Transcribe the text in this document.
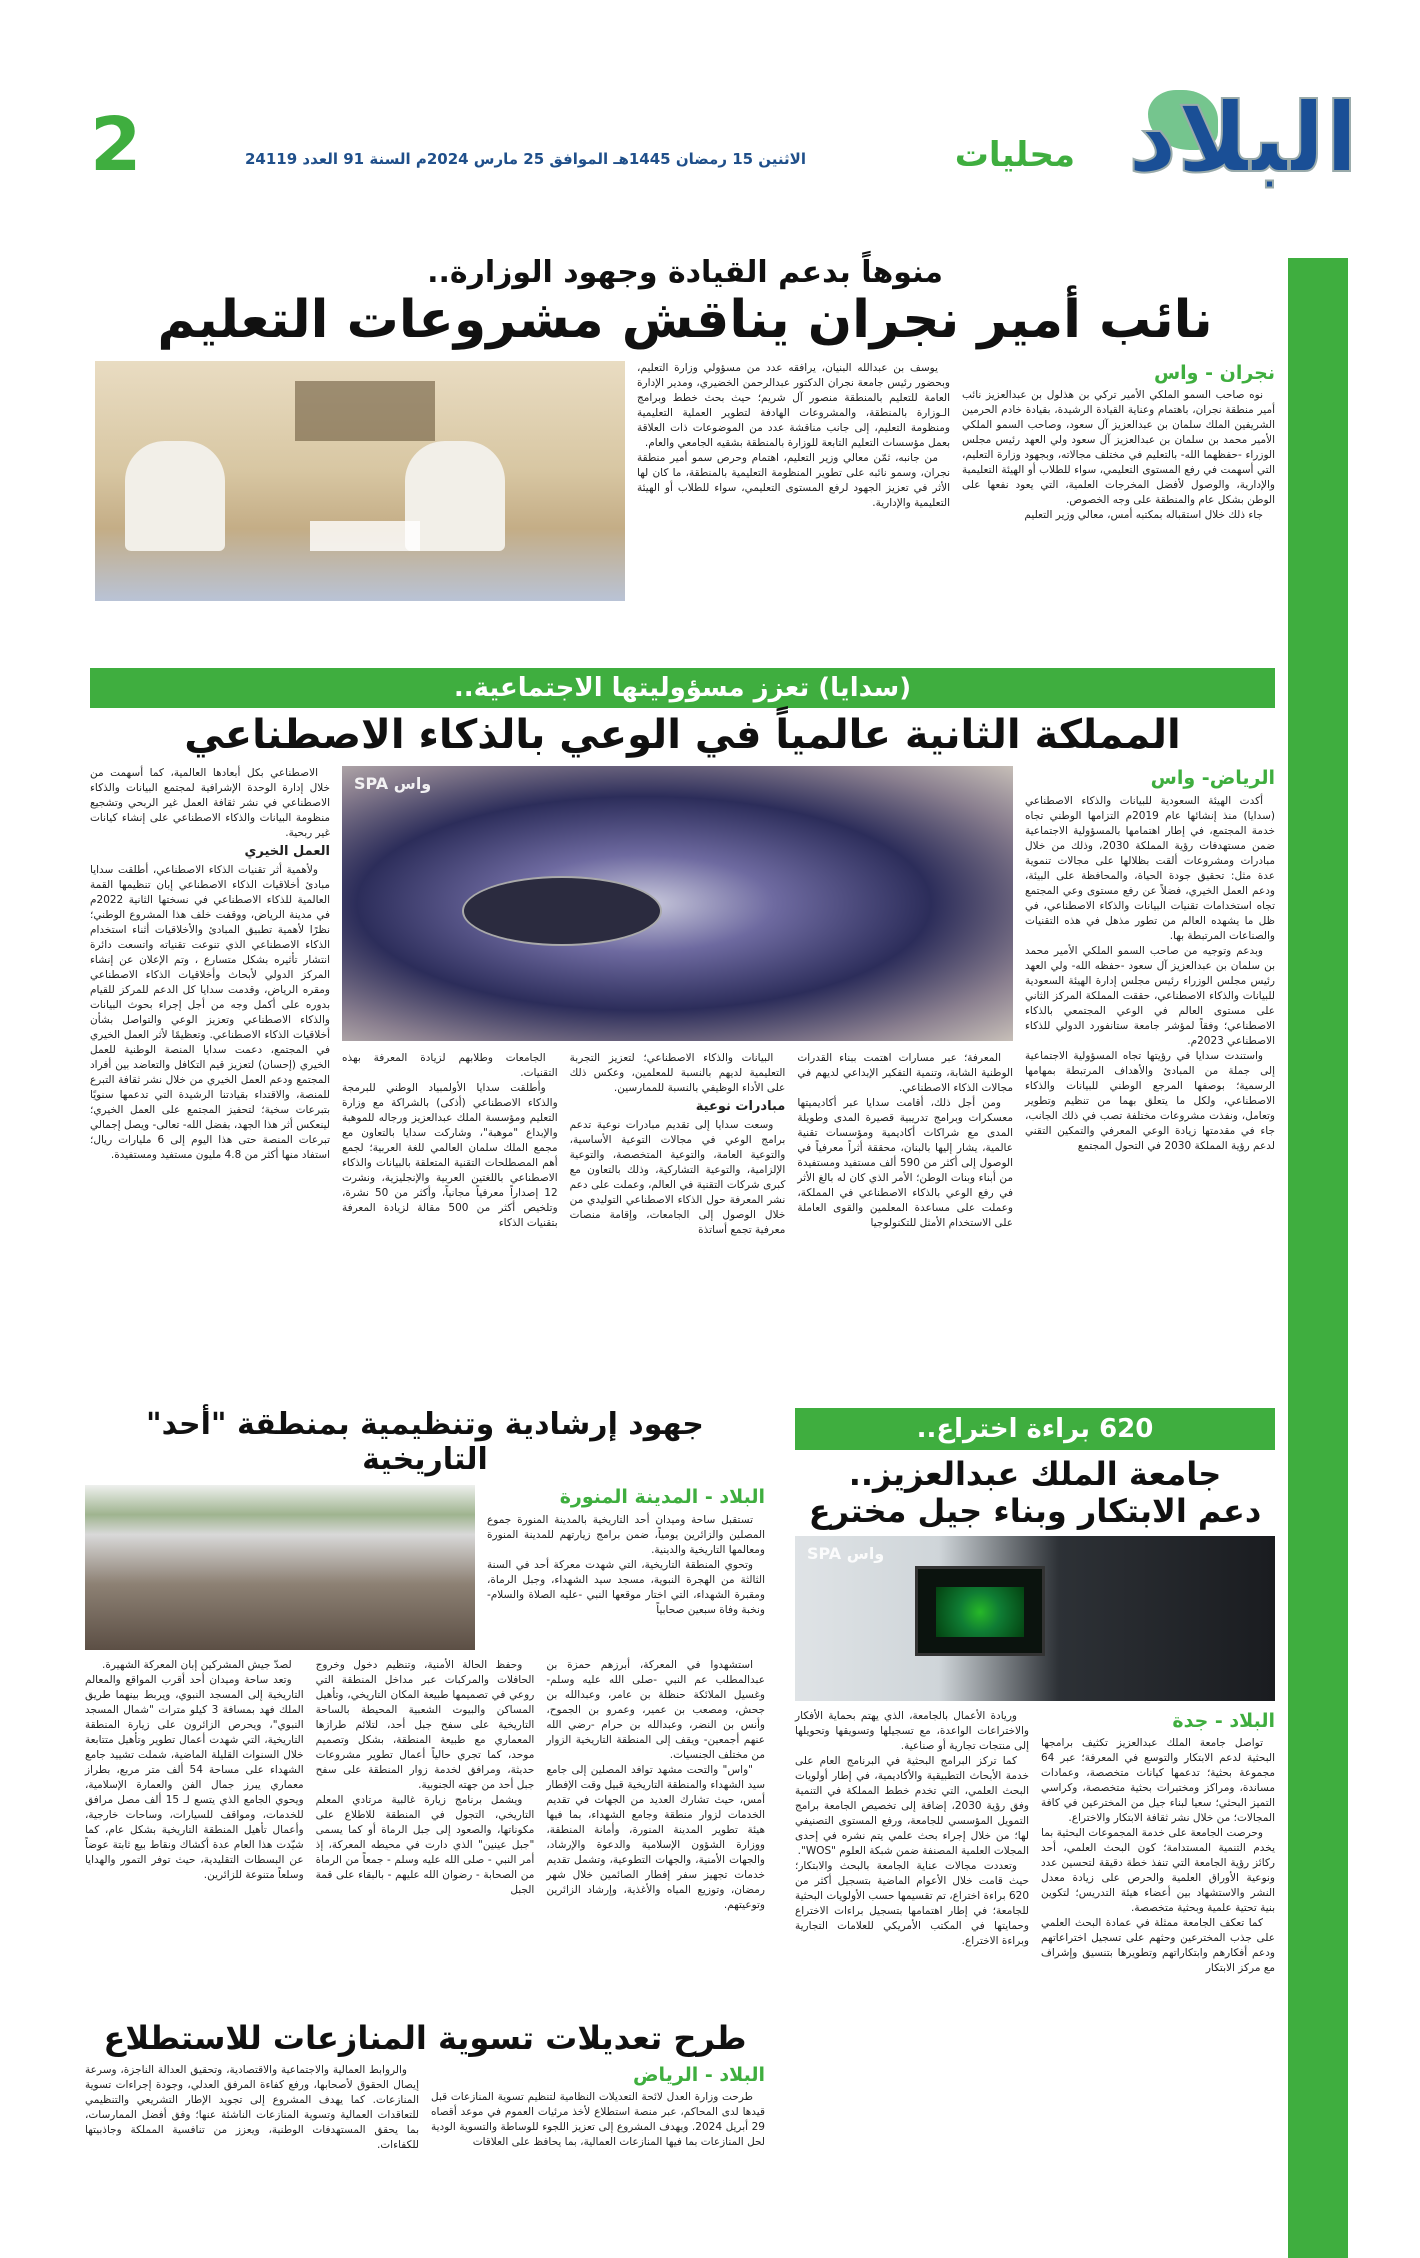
البلاد
محليات
الاثنين 15 رمضان 1445هـ الموافق 25 مارس 2024م السنة 91 العدد 24119
2
منوهاً بدعم القيادة وجهود الوزارة..
نائب أمير نجران يناقش مشروعات التعليم
نجران - واس

نوه صاحب السمو الملكي الأمير تركي بن هذلول بن عبدالعزيز نائب أمير منطقة نجران، باهتمام وعناية القيادة الرشيدة، بقيادة خادم الحرمين الشريفين الملك سلمان بن عبدالعزيز آل سعود، وصاحب السمو الملكي الأمير محمد بن سلمان بن عبدالعزيز آل سعود ولي العهد رئيس مجلس الوزراء -حفظهما الله- بالتعليم في مختلف مجالاته، وبجهود وزارة التعليم، التي أسهمت في رفع المستوى التعليمي، سواء للطلاب أو الهيئة التعليمية والإدارية، والوصول لأفضل المخرجات العلمية، التي يعود نفعها على الوطن بشكل عام والمنطقة على وجه الخصوص.

جاء ذلك خلال استقباله بمكتبه أمس، معالي وزير التعليم

يوسف بن عبدالله البنيان، يرافقه عدد من مسؤولي وزارة التعليم، وبحضور رئيس جامعة نجران الدكتور عبدالرحمن الخضيري، ومدير الإدارة العامة للتعليم بالمنطقة منصور آل شريم؛ حيث بحث خطط وبرامج الـوزارة بالمنطقة، والمشروعات الهادفة لتطوير العملية التعليمية ومنظومة التعليم، إلى جانب مناقشة عدد من الموضوعات ذات العلاقة بعمل مؤسسات التعليم التابعة للوزارة بالمنطقة بشقيه الجامعي والعام.

من جانبه، ثمّن معالي وزير التعليم، اهتمام وحرص سمو أمير منطقة نجران، وسمو نائبه على تطوير المنظومة التعليمية بالمنطقة، ما كان لها الأثر في تعزيز الجهود لرفع المستوى التعليمي، سواء للطلاب أو الهيئة التعليمية والإدارية.

(سدايا) تعزز مسؤوليتها الاجتماعية..
المملكة الثانية عالمياً في الوعي بالذكاء الاصطناعي
الرياض- واس

أكدت الهيئة السعودية للبيانات والذكاء الاصطناعي (سدايا) منذ إنشائها عام 2019م التزامها الوطني تجاه خدمة المجتمع، في إطار اهتمامها بالمسؤولية الاجتماعية ضمن مستهدفات رؤية المملكة 2030، وذلك من خلال مبادرات ومشروعات ألقت بظلالها على مجالات تنموية عدة مثل: تحقيق جودة الحياة، والمحافظة على البيئة، ودعم العمل الخيري، فضلاً عن رفع مستوى وعي المجتمع تجاه استخدامات تقنيات البيانات والذكاء الاصطناعي، في ظل ما يشهده العالم من تطور مذهل في هذه التقنيات والصناعات المرتبطة بها.

وبدعم وتوجيه من صاحب السمو الملكي الأمير محمد بن سلمان بن عبدالعزيز آل سعود -حفظه الله- ولي العهد رئيس مجلس الوزراء رئيس مجلس إدارة الهيئة السعودية للبيانات والذكاء الاصطناعي، حققت المملكة المركز الثاني على مستوى العالم في الوعي المجتمعي بالذكاء الاصطناعي؛ وفقاً لمؤشر جامعة ستانفورد الدولي للذكاء الاصطناعي 2023م.

واستندت سدايا في رؤيتها تجاه المسؤولية الاجتماعية إلى جملة من المبادئ والأهداف المرتبطة بمهامها الرسمية؛ بوصفها المرجع الوطني للبيانات والذكاء الاصطناعي، ولكل ما يتعلق بهما من تنظيم وتطوير وتعامل، ونفذت مشروعات مختلفة تصب في ذلك الجانب، جاء في مقدمتها زيادة الوعي المعرفي والتمكين التقني لدعم رؤية المملكة 2030 في التحول المجتمع

واس SPA

المعرفة؛ عبر مسارات اهتمت ببناء القدرات الوطنية الشابة، وتنمية التفكير الإبداعي لديهم في مجالات الذكاء الاصطناعي.

ومن أجل ذلك، أقامت سدايا عبر أكاديميتها معسكرات وبرامج تدريبية قصيرة المدى وطويلة المدى مع شراكات أكاديمية ومؤسسات تقنية عالمية، يشار إليها بالبنان، محققة أثراً معرفياً في الوصول إلى أكثر من 590 ألف مستفيد ومستفيدة من أبناء وبنات الوطن؛ الأمر الذي كان له بالغ الأثر في رفع الوعي بالذكاء الاصطناعي في المملكة، وعملت على مساعدة المعلمين والقوى العاملة على الاستخدام الأمثل للتكنولوجيا

البيانات والذكاء الاصطناعي؛ لتعزيز التجربة التعليمية لديهم بالنسبة للمعلمين، وعكس ذلك على الأداء الوظيفي بالنسبة للممارسين.

مبادرات نوعية

وسعت سدايا إلى تقديم مبادرات نوعية تدعم برامج الوعي في مجالات التوعية الأساسية، والتوعية العامة، والتوعية المتخصصة، والتوعية الإلزامية، والتوعية التشاركية، وذلك بالتعاون مع كبرى شركات التقنية في العالم، وعملت على دعم نشر المعرفة حول الذكاء الاصطناعي التوليدي من خلال الوصول إلى الجامعات، وإقامة منصات معرفية تجمع أساتذة

الجامعات وطلابهم لزيادة المعرفة بهذه التقنيات.

وأطلقت سدايا الأولمبياد الوطني للبرمجة والذكاء الاصطناعي (أذكى) بالشراكة مع وزارة التعليم ومؤسسة الملك عبدالعزيز ورجاله للموهبة والإبداع "موهبة"، وشاركت سدايا بالتعاون مع مجمع الملك سلمان العالمي للغة العربية؛ لجمع أهم المصطلحات التقنية المتعلقة بالبيانات والذكاء الاصطناعي باللغتين العربية والإنجليزية، ونشرت 12 إصداراً معرفياً مجانياً، وأكثر من 50 نشرة، وتلخيص أكثر من 500 مقالة لزيادة المعرفة بتقنيات الذكاء

الاصطناعي بكل أبعادها العالمية، كما أسهمت من خلال إدارة الوحدة الإشرافية لمجتمع البيانات والذكاء الاصطناعي في نشر ثقافة العمل غير الربحي وتشجيع منظومة البيانات والذكاء الاصطناعي على إنشاء كيانات غير ربحية.

العمل الخيري

ولأهمية أثر تقنيات الذكاء الاصطناعي، أطلقت سدايا مبادئ أخلاقيات الذكاء الاصطناعي إبان تنظيمها القمة العالمية للذكاء الاصطناعي في نسختها الثانية 2022م في مدينة الرياض، ووقفت خلف هذا المشروع الوطني؛ نظرًا لأهمية تطبيق المبادئ والأخلاقيات أثناء استخدام الذكاء الاصطناعي الذي تنوعت تقنياته واتسعت دائرة انتشار تأثيره بشكل متسارع ، وتم الإعلان عن إنشاء المركز الدولي لأبحاث وأخلاقيات الذكاء الاصطناعي ومقره الرياض، وقدمت سدايا كل الدعم للمركز للقيام بدوره على أكمل وجه من أجل إجراء بحوث البيانات والذكاء الاصطناعي وتعزيز الوعي والتواصل بشأن أخلاقيات الذكاء الاصطناعي. وتعظيمًا لأثر العمل الخيري في المجتمع، دعمت سدايا المنصة الوطنية للعمل الخيري (إحسان) لتعزيز قيم التكافل والتعاضد بين أفراد المجتمع ودعم العمل الخيري من خلال نشر ثقافة التبرع للمنصة، والاقتداء بقيادتنا الرشيدة التي تدعمها سنويًا بتبرعات سخية؛ لتحفيز المجتمع على العمل الخيري؛ لينعكس أثر هذا الجهد، بفضل الله- تعالى- ويصل إجمالي تبرعات المنصة حتى هذا اليوم إلى 6 مليارات ريال؛ استفاد منها أكثر من 4.8 مليون مستفيد ومستفيدة.

جهود إرشادية وتنظيمية بمنطقة "أحد" التاريخية
البلاد - المدينة المنورة

تستقبل ساحة وميدان أحد التاريخية بالمدينة المنورة جموع المصلين والزائرين يومياً، ضمن برامج زيارتهم للمدينة المنورة ومعالمها التاريخية والدينية.

وتحوي المنطقة التاريخية، التي شهدت معركة أحد في السنة الثالثة من الهجرة النبوية، مسجد سيد الشهداء، وجبل الرماة، ومقبرة الشهداء، التي اختار موقعها النبي -عليه الصلاة والسلام- ونخبة وفاة سبعين صحابياً

استشهدوا في المعركة، أبرزهم حمزة بن عبدالمطلب عم النبي -صلى الله عليه وسلم- وغسيل الملائكة حنظلة بن عامر، وعبدالله بن جحش، ومصعب بن عمير، وعمرو بن الجموح، وأنس بن النضر، وعبدالله بن حرام -رضي الله عنهم أجمعين- ويقف إلى المنطقة التاريخية الزوار من مختلف الجنسيات.

"واس" والتحت مشهد توافد المصلين إلى جامع سيد الشهداء والمنطقة التاريخية قبيل وقت الإفطار أمس، حيث تشارك العديد من الجهات في تقديم الخدمات لزوار منطقة وجامع الشهداء، بما فيها هيئة تطوير المدينة المنورة، وأمانة المنطقة، ووزارة الشؤون الإسلامية والدعوة والإرشاد، والجهات الأمنية، والجهات التطوعية، وتشمل تقديم خدمات تجهيز سفر إفطار الصائمين خلال شهر رمضان، وتوزيع المياه والأغذية، وإرشاد الزائرين وتوعيتهم.

وحفظ الحالة الأمنية، وتنظيم دخول وخروج الحافلات والمركبات عبر مداخل المنطقة التي روعي في تصميمها طبيعة المكان التاريخي، وتأهيل المساكن والبيوت الشعبية المحيطة بالساحة التاريخية على سفح جبل أحد، لتلائم طرازها المعماري مع طبيعة المنطقة، بشكل وتصميم موحد، كما تجري حالياً أعمال تطوير مشروعات حديثة، ومرافق لخدمة زوار المنطقة على سفح جبل أحد من جهته الجنوبية.

ويشمل برنامج زيارة غالبية مرتادي المعلم التاريخي، التجول في المنطقة للاطلاع على مكوناتها، والصعود إلى جبل الرماة أو كما يسمى "جبل عينين" الذي دارت في محيطه المعركة، إذ أمر النبي - صلى الله عليه وسلم - جمعاً من الرماة من الصحابة - رضوان الله عليهم - بالبقاء على قمة الجبل

لصدّ جيش المشركين إبان المعركة الشهيرة.

وتعد ساحة وميدان أحد أقرب المواقع والمعالم التاريخية إلى المسجد النبوي، ويربط بينهما طريق الملك فهد بمسافة 3 كيلو مترات "شمال المسجد النبوي"، ويحرص الزائرون على زيارة المنطقة التاريخية، التي شهدت أعمال تطوير وتأهيل متتابعة خلال السنوات القليلة الماضية، شملت تشييد جامع الشهداء على مساحة 54 ألف متر مربع، بطراز معماري يبرز جمال الفن والعمارة الإسلامية، ويحوي الجامع الذي يتسع لـ 15 ألف مصل مرافق للخدمات، ومواقف للسيارات، وساحات خارجية، وأعمال تأهيل المنطقة التاريخية بشكل عام، كما شيّدت هذا العام عدة أكشاك ونقاط بيع ثابتة عوضاً عن البسطات التقليدية، حيث توفر التمور والهدايا وسلعاً متنوعة للزائرين.

620 براءة اختراع..
جامعة الملك عبدالعزيز..
دعم الابتكار وبناء جيل مخترع
واس SPA
البلاد - جدة

تواصل جامعة الملك عبدالعزيز تكثيف برامجها البحثية لدعم الابتكار والتوسع في المعرفة؛ عبر 64 مجموعة بحثية؛ تدعمها كيانات متخصصة، وعمادات مساندة، ومراكز ومختبرات بحثية متخصصة، وكراسي التميز البحثي؛ سعيا لبناء جيل من المخترعين في كافة المجالات؛ من خلال نشر ثقافة الابتكار والاختراع.

وحرصت الجامعة على خدمة المجموعات البحثية بما يخدم التنمية المستدامة؛ كون البحث العلمي، أحد ركائز رؤية الجامعة التي تنفذ خطة دقيقة لتحسين عدد ونوعية الأوراق العلمية والحرص على زيادة معدل النشر والاستشهاد بين أعضاء هيئة التدريس؛ لتكوين بنية تحتية علمية وبحثية متخصصة.

كما تعكف الجامعة ممثلة في عمادة البحث العلمي على جذب المخترعين وحثهم على تسجيل اختراعاتهم ودعم أفكارهم وابتكاراتهم وتطويرها بتنسيق وإشراف مع مركز الابتكار

وريادة الأعمال بالجامعة، الذي يهتم بحماية الأفكار والاختراعات الواعدة، مع تسجيلها وتسويقها وتحويلها إلى منتجات تجارية أو صناعية.

كما تركز البرامج البحثية في البرنامج العام على خدمة الأبحاث التطبيقية والأكاديمية، في إطار أولويات البحث العلمي، التي تخدم خطط المملكة في التنمية وفق رؤية 2030، إضافة إلى تخصيص الجامعة برامج التمويل المؤسسي للجامعة، ورفع المستوى التصنيفي لها؛ من خلال إجراء بحث علمي يتم نشره في إحدى المجلات العلمية المصنفة ضمن شبكة العلوم "WOS".

وتعددت مجالات عناية الجامعة بالبحث والابتكار؛ حيث قامت خلال الأعوام الماضية بتسجيل أكثر من 620 براءة اختراع، تم تقسيمها حسب الأولويات البحثية للجامعة؛ في إطار اهتمامها بتسجيل براءات الاختراع وحمايتها في المكتب الأمريكي للعلامات التجارية وبراءة الاختراع.

طرح تعديلات تسوية المنازعات للاستطلاع
البلاد - الرياض

طرحت وزارة العدل لائحة التعديلات النظامية لتنظيم تسوية المنازعات قبل قيدها لدى المحاكم، عبر منصة استطلاع لأخذ مرئيات العموم في موعد أقصاه 29 أبريل 2024. ويهدف المشروع إلى تعزيز اللجوء للوساطة والتسوية الودية لحل المنازعات بما فيها المنازعات العمالية، بما يحافظ على العلاقات

والروابط العمالية والاجتماعية والاقتصادية، وتحقيق العدالة الناجزة، وسرعة إيصال الحقوق لأصحابها، ورفع كفاءة المرفق العدلي، وجودة إجراءات تسوية المنازعات. كما يهدف المشروع إلى تجويد الإطار التشريعي والتنظيمي للتعاقدات العمالية وتسوية المنازعات الناشئة عنها؛ وفق أفضل الممارسات، بما يحقق المستهدفات الوطنية، ويعزز من تنافسية المملكة وجاذبيتها للكفاءات.
